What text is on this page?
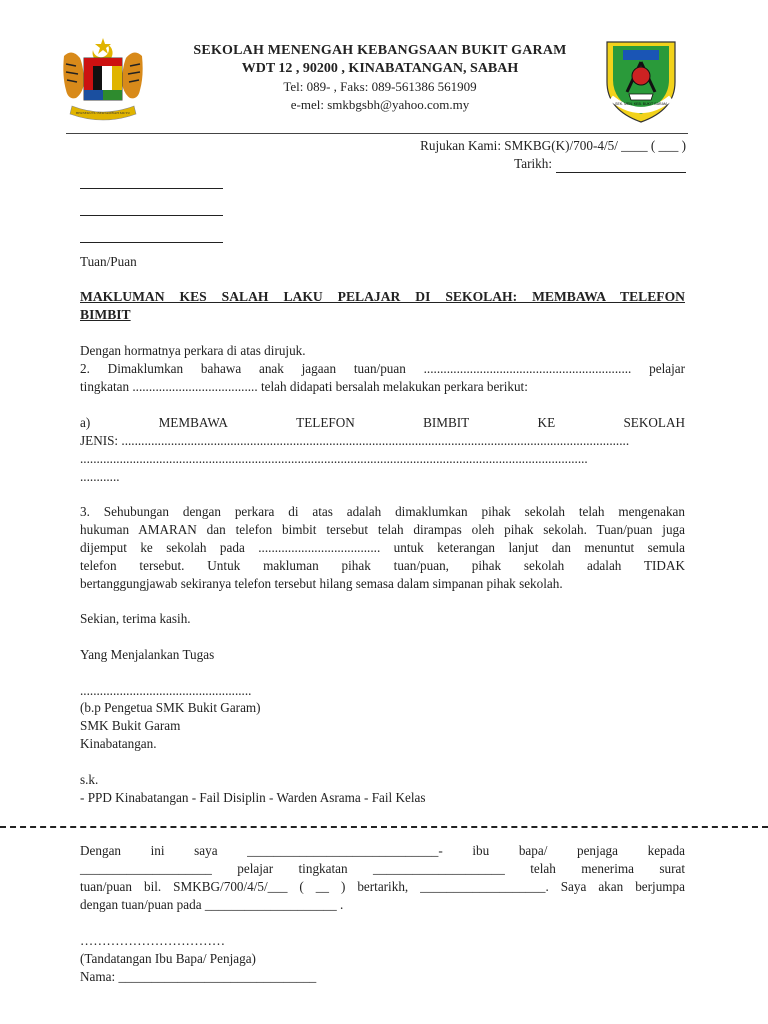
BERSEKUTU BERTAMBAH MUTU
SEKOLAH MENENGAH KEBANGSAAN BUKIT GARAM
WDT 12 , 90200 , KINABATANGAN, SABAH
Tel: 089- , Faks: 089-561386 561909
e-mel: smkbgsbh@yahoo.com.my	SEK. MEN. KEB. BUKIT GARAM
Rujukan Kami: SMKBG(K)/700-4/5/ ____ ( ___ )
Tarikh:
Tuan/Puan
MAKLUMAN KES SALAH LAKU PELAJAR DI SEKOLAH: MEMBAWA TELEFON
BIMBIT
Dengan hormatnya perkara di atas dirujuk.
2. Dimaklumkan bahawa anak jagaan tuan/puan ............................................................... pelajar
tingkatan ...................................... telah didapati bersalah melakukan perkara berikut:
a)	MEMBAWA	TELEFON	BIMBIT	KE	SEKOLAH
JENIS: ..........................................................................................................................................................
..........................................................................................................................................................
............
3. Sehubungan dengan perkara di atas adalah dimaklumkan pihak sekolah telah mengenakan
hukuman AMARAN dan telefon bimbit tersebut telah dirampas oleh pihak sekolah. Tuan/puan juga
dijemput ke sekolah pada ..................................... untuk keterangan lanjut dan menuntut semula
telefon tersebut. Untuk makluman pihak tuan/puan, pihak sekolah adalah TIDAK
bertanggungjawab sekiranya telefon tersebut hilang semasa dalam simpanan pihak sekolah.
Sekian, terima kasih.
Yang Menjalankan Tugas
....................................................
(b.p Pengetua SMK Bukit Garam)
SMK Bukit Garam
Kinabatangan.
s.k.
- PPD Kinabatangan - Fail Disiplin - Warden Asrama - Fail Kelas
Dengan ini saya _____________________________- ibu bapa/ penjaga kepada
____________________ pelajar tingkatan ____________________ telah menerima surat
tuan/puan bil. SMKBG/700/4/5/___ ( __ ) bertarikh, ___________________. Saya akan berjumpa
dengan tuan/puan pada ____________________ .
……………………………
(Tandatangan Ibu Bapa/ Penjaga)
Nama: ______________________________
